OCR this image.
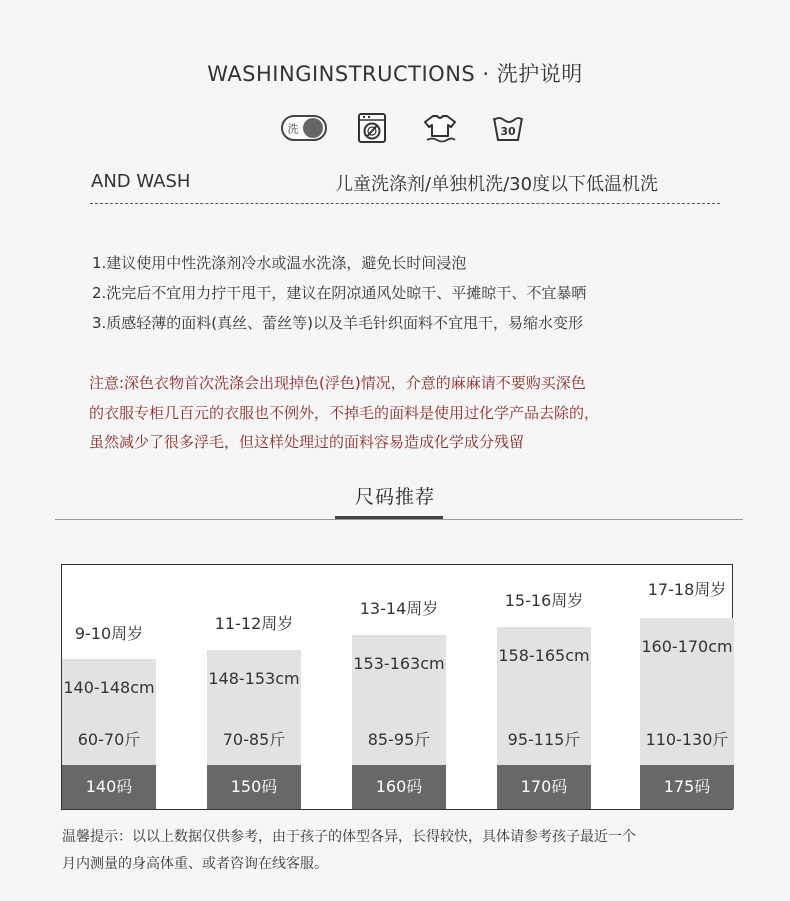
WASHINGINSTRUCTIONS · 洗护说明
洗	30
AND WASH	儿童洗涤剂/单独机洗/30度以下低温机洗
1.建议使用中性洗涤剂冷水或温水洗涤，避免长时间浸泡
2.洗完后不宜用力拧干甩干，建议在阴凉通风处晾干、平摊晾干、不宜暴晒
3.质感轻薄的面料(真丝、蕾丝等)以及羊毛针织面料不宜甩干，易缩水变形
注意:深色衣物首次洗涤会出现掉色(浮色)情况，介意的麻麻请不要购买深色
的衣服专柜几百元的衣服也不例外，不掉毛的面料是使用过化学产品去除的，
虽然减少了很多浮毛，但这样处理过的面料容易造成化学成分残留
尺码推荐
9-10周岁
140-148cm
60-70斤
140码
11-12周岁
148-153cm
70-85斤
150码
13-14周岁
153-163cm
85-95斤
160码
15-16周岁
158-165cm
95-115斤
170码
17-18周岁
160-170cm
110-130斤
175码
温馨提示：以以上数据仅供参考，由于孩子的体型各异，长得较快，具体请参考孩子最近一个
月内测量的身高体重、或者咨询在线客服。
